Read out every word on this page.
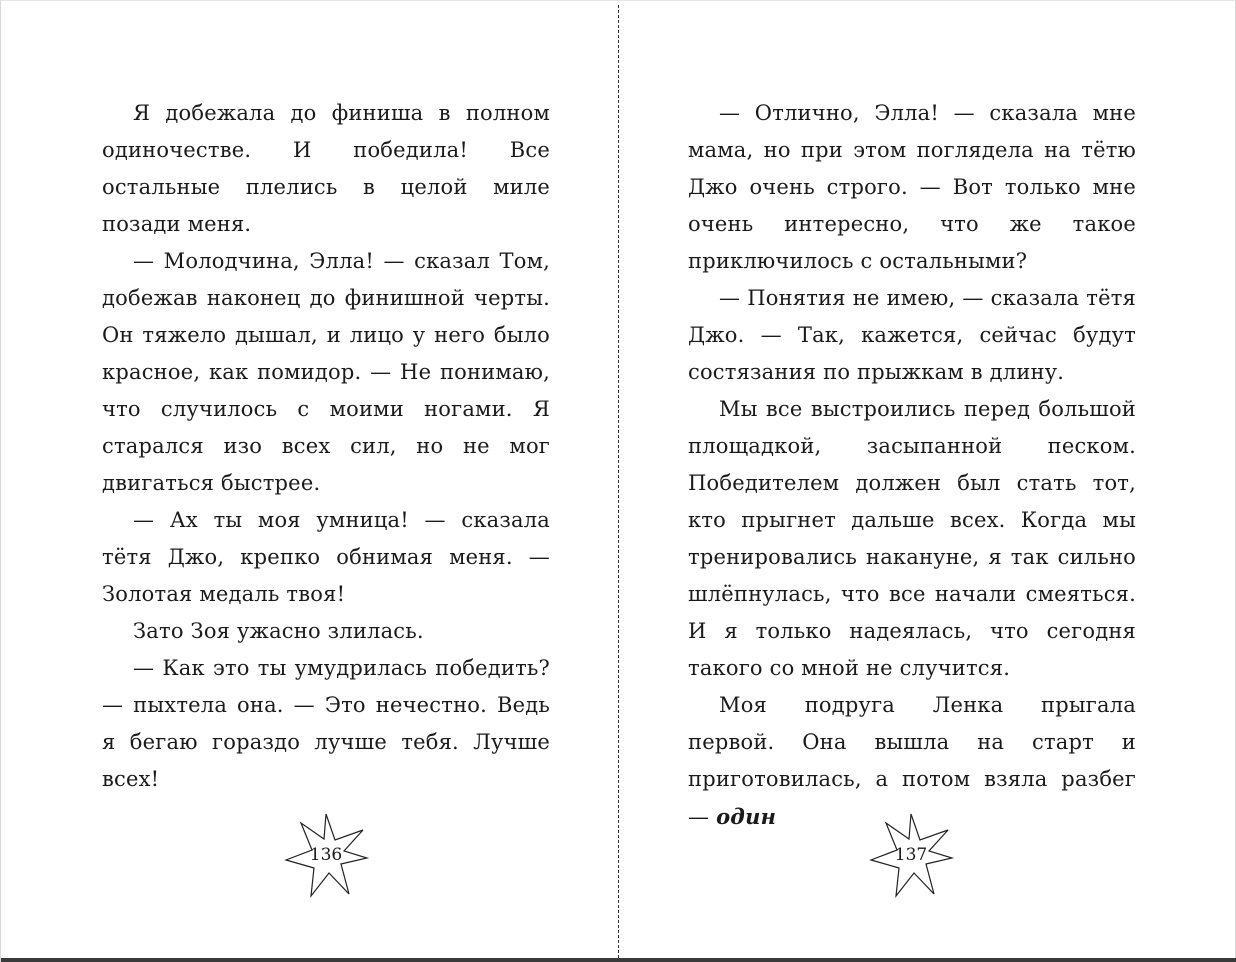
Я добежала до финиша в полном одиночестве. И победила! Все остальные плелись в целой миле позади меня.

— Молодчина, Элла! — сказал Том, добежав наконец до финишной черты. Он тяжело дышал, и лицо у него было красное, как помидор. — Не понимаю, что случилось с моими ногами. Я старался изо всех сил, но не мог двигаться быстрее.

— Ах ты моя умница! — сказала тётя Джо, крепко обнимая меня. — Золотая медаль твоя!

Зато Зоя ужасно злилась.

— Как это ты умудрилась победить? — пыхтела она. — Это нечестно. Ведь я бегаю гораздо лучше тебя. Лучше всех!

— Отлично, Элла! — сказала мне мама, но при этом поглядела на тётю Джо очень строго. — Вот только мне очень интересно, что же такое приключилось с остальными?

— Понятия не имею, — сказала тётя Джо. — Так, кажется, сейчас будут состязания по прыжкам в длину.

Мы все выстроились перед большой площадкой, засыпанной песком. Победителем должен был стать тот, кто прыгнет дальше всех. Когда мы тренировались накануне, я так сильно шлёпнулась, что все начали смеяться. И я только надеялась, что сегодня такого со мной не случится.

Моя подруга Ленка прыгала первой. Она вышла на старт и приготовилась, а потом взяла разбег — один

136	137
